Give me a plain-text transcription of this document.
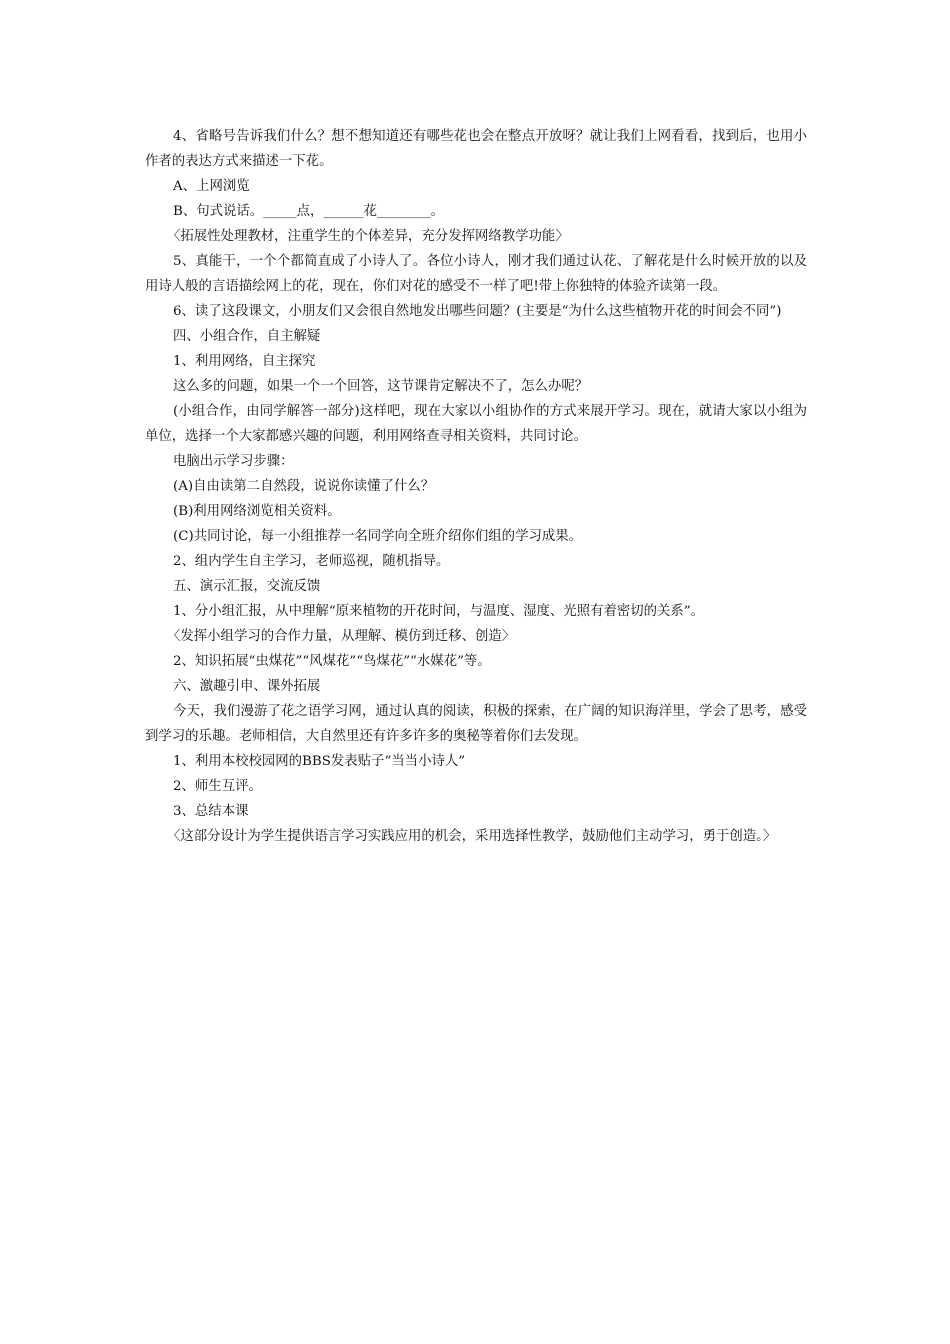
4、省略号告诉我们什么？想不想知道还有哪些花也会在整点开放呀？就让我们上网看看，找到后，也用小作者的表达方式来描述一下花。

A、上网浏览

B、句式说话。_____点，______花________。

〈拓展性处理教材，注重学生的个体差异，充分发挥网络教学功能〉

5、真能干，一个个都简直成了小诗人了。各位小诗人，刚才我们通过认花、了解花是什么时候开放的以及用诗人般的言语描绘网上的花，现在，你们对花的感受不一样了吧!带上你独特的体验齐读第一段。

6、读了这段课文，小朋友们又会很自然地发出哪些问题？(主要是“为什么这些植物开花的时间会不同”)

四、小组合作，自主解疑

1、利用网络，自主探究

这么多的问题，如果一个一个回答，这节课肯定解决不了，怎么办呢？

(小组合作，由同学解答一部分)这样吧，现在大家以小组协作的方式来展开学习。现在，就请大家以小组为单位，选择一个大家都感兴趣的问题，利用网络查寻相关资料，共同讨论。

电脑出示学习步骤：

(A)自由读第二自然段，说说你读懂了什么？

(B)利用网络浏览相关资料。

(C)共同讨论，每一小组推荐一名同学向全班介绍你们组的学习成果。

2、组内学生自主学习，老师巡视，随机指导。

五、演示汇报，交流反馈

1、分小组汇报，从中理解“原来植物的开花时间，与温度、湿度、光照有着密切的关系”。

〈发挥小组学习的合作力量，从理解、模仿到迁移、创造〉

2、知识拓展“虫煤花”“风煤花”“鸟煤花”“水媒花”等。

六、激趣引申、课外拓展

今天，我们漫游了花之语学习网，通过认真的阅读，积极的探索，在广阔的知识海洋里，学会了思考，感受到学习的乐趣。老师相信，大自然里还有许多许多的奥秘等着你们去发现。

1、利用本校校园网的BBS发表贴子“当当小诗人”

2、师生互评。

3、总结本课

〈这部分设计为学生提供语言学习实践应用的机会，采用选择性教学，鼓励他们主动学习，勇于创造。〉
